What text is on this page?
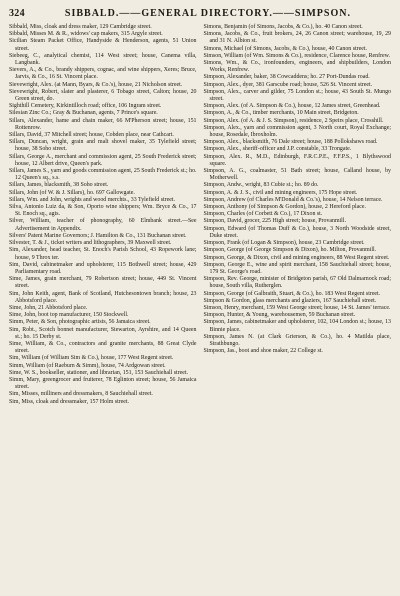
324	SIBBALD.——GENERAL DIRECTORY.——SIMPSON.

Sibbald, Miss, cloak and dress maker, 129 Cambridge street.

Sibbald, Misses M. & R., widows' cap makers, 315 Argyle street.

Sicilian Steam Packet Office, Handyside & Henderson, agents, 51 Union street.

Siebeeg, C., analytical chemist, 114 West street; house, Canema villa, Langbank.

Sievers, A., & Co., brandy shippers, cognac, and wine shippers, Xeres; Bruce, Jarvis, & Co., 16 St. Vincent place.

Sievewright, Alex. (at Mann, Byars, & Co.'s), house, 21 Nicholson street.

Sievewright, Robert, slater and plasterer, 6 Tobago street, Calton; house, 20 Green street, do.

Sighthill Cemetery, Kirkintilloch road; office, 106 Ingram street.

Silesian Zinc Co.; Gray & Buchanan, agents, 7 Prince's square.

Sillars, Alexander, hame and chain maker, 66 M'Pherson street; house, 151 Rottenrow.

Sillars, David, 37 Mitchell street; house, Cobden place, near Cathcart.

Sillars, Duncan, wright, grain and malt shovel maker, 35 Tylefield street; house, 38 Soho street.

Sillars, George A., merchant and commission agent, 25 South Frederick street; house, 12 Albert drive, Queen's park.

Sillars, James S., yarn and goods commission agent, 25 South Frederick st.; ho. 12 Queen's sq., s.s.

Sillars, James, blacksmith, 38 Soho street.

Sillars, John (of W. & J. Sillars), ho. 697 Gallowgate.

Sillars, Wm. and John, wrights and wood merchts., 33 Tylefield street.

Silva, Antonio Luiz da, & Son, Oporto wine shippers; Wm. Bryce & Co., 17 St. Enoch sq., agts.

Silver, William, teacher of phonography, 60 Elmbank street.—See Advertisement in Appendix.

Silvers' Patent Marine Governors; J. Hamilton & Co., 131 Buchanan street.

Silvester, T. & J., ticket writers and lithographers, 39 Maxwell street.

Sim, Alexander, head teacher, St. Enoch's Parish School, 43 Ropework lane; house, 9 Throx ter.

Sim, David, cabinetmaker and upholsterer, 115 Bothwell street; house, 429 Parliamentary road.

Sime, James, grain merchant, 79 Robertson street; house, 449 St. Vincent street.

Sim, John Keith, agent, Bank of Scotland, Hutchesontown branch; house, 23 Abbotsford place.

Sime, John, 21 Abbotsford place.

Sime, John, boot top manufacturer, 150 Stockwell.

Simm, Peter, & Son, photographic artists, 56 Jamaica street.

Sim, Robt., Scotch bonnet manufacturer, Stewarton, Ayrshire, and 14 Queen st.; ho. 15 Derby st.

Sime, William, & Co., contractors and granite merchants, 88 Great Clyde street.

Sim, William (of William Sim & Co.), house, 177 West Regent street.

Simm, William (of Raeburn & Simm), house, 74 Ardgowan street.

Sime, W. S., bookseller, stationer, and librarian, 151, 153 Sauchiehall street.

Simm, Mary, greengrocer and fruiterer, 78 Eglinton street; house, 56 Jamaica street.

Sim, Misses, milliners and dressmakers, 8 Sauchiehall street.

Sim, Miss, cloak and dressmaker, 157 Holm street.

Simons, Benjamin (of Simons, Jacobs, & Co.), ho. 40 Canon street.

Simons, Jacobs, & Co., fruit brokers, 24, 26 Canon street; warehouse, 19, 29 and 31 N. Albion st.

Simons, Michael (of Simons, Jacobs, & Co.), house, 40 Canon street.

Simson, William (of Wm. Simons & Co.), residence, Clarence house, Renfrew.

Simons, Wm., & Co., ironfounders, engineers, and shipbuilders, London Works, Renfrew.

Simpson, Alexander, baker, 38 Cowcaddens; ho. 27 Port-Dundas road.

Simpson, Alex., dyer, 381 Garscube road; house, 526 St. Vincent street.

Simpson, Alex., carver and gilder, 75 London st.; house, 43 South St. Mungo street.

Simpson, Alex. (of A. Simpson & Co.), house, 12 James street, Greenhead.

Simpson, A., & Co., timber merchants, 10 Main street, Bridgeton.

Simpson, Alex. (of A. & J. S. Simpson), residence, 2 Speirs place, Crosshill.

Simpson, Alex., yarn and commission agent, 3 North court, Royal Exchange; house, Rosedale, Ibroxholm.

Simpson, Alex., blacksmith, 76 Dale street; house, 188 Pollokshaws road.

Simpson, Alex., sheriff-officer and J.P. constable, 33 Trongate.

Simpson, Alex. R., M.D., Edinburgh, F.R.C.P.E., F.F.P.S., 1 Blythswood square.

Simpson, A. G., coalmaster, 51 Bath street; house, Calland house, by Motherwell.

Simpson, Andw., wright, 83 Cubie st.; ho. 89 do.

Simpson, A. & J. S., civil and mining engineers, 175 Hope street.

Simpson, Andrew (of Charles M'Donald & Co.'s), house, 14 Nelson terrace.

Simpson, Anthony (of Simpson & Gordon), house, 2 Hereford place.

Simpson, Charles (of Corbett & Co.), 17 Dixon st.

Simpson, David, grocer, 225 High street; house, Provanmill.

Simpson, Edward (of Thomas Duff & Co.), house, 3 North Woodside street, Duke street.

Simpson, Frank (of Logan & Simpson), house, 23 Cambridge street.

Simpson, George (of George Simpson & Dixon), ho. Milton, Provanmill.

Simpson, George, & Dixon, civil and mining engineers, 88 West Regent street.

Simpson, George E., wine and spirit merchant, 158 Sauchiehall street; house, 179 St. George's road.

Simpson, Rev. George, minister of Bridgeton parish, 67 Old Dalmarnock road; house, South villa, Rutherglen.

Simpson, George (of Galbraith, Stuart, & Co.), ho. 183 West Regent street.

Simpson & Gordon, glass merchants and glaziers, 167 Sauchiehall street.

Simson, Henry, merchant, 159 West George street; house, 14 St. James' terrace.

Simpson, Hunter, & Young, warehousemen, 59 Buchanan street.

Simpson, James, cabinetmaker and upholsterer, 102, 104 London st.; house, 13 Binnie place.

Simpson, James N. (at Clark Grierson, & Co.), ho. 4 Matilda place, Strathbungo.

Simpson, Jas., boot and shoe maker, 22 College st.
